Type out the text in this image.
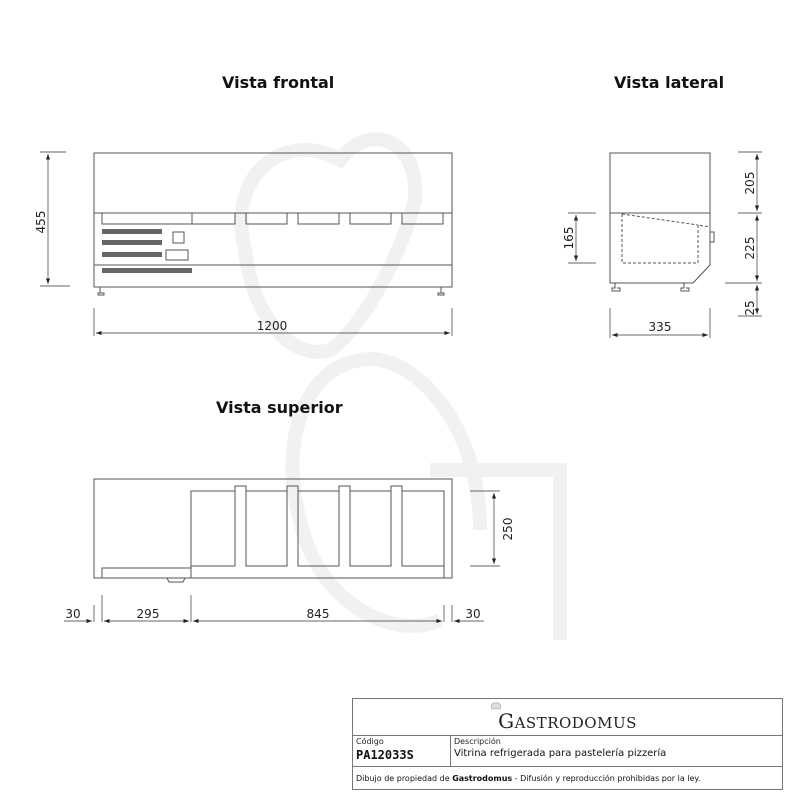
Vista frontal	Vista lateral
Vista superior
455
1200
165
205
225
25
335
250
30	295	845	30
GASTRODOMUS
Código
PA12033S
Descripción
Vitrina refrigerada para pastelería pizzería
Dibujo de propiedad de Gastrodomus - Difusión y reproducción prohibidas por la ley.
